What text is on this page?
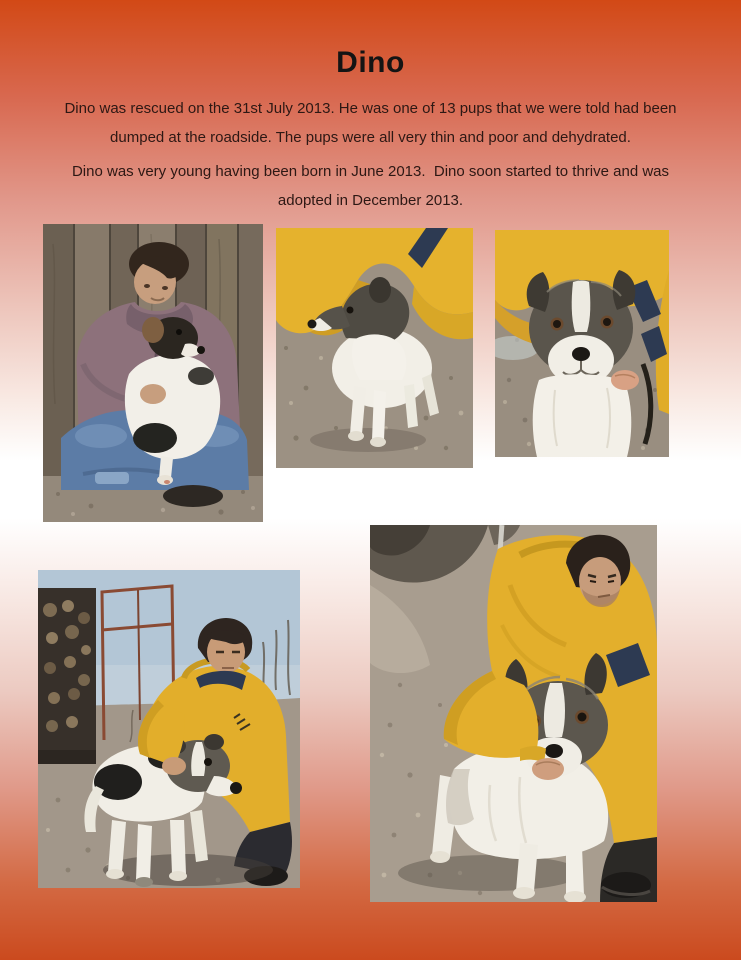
Dino

Dino was rescued on the 31st July 2013. He was one of 13 pups that we were told had been
dumped at the roadside. The pups were all very thin and poor and dehydrated.

Dino was very young having been born in June 2013.  Dino soon started to thrive and was
adopted in December 2013.
